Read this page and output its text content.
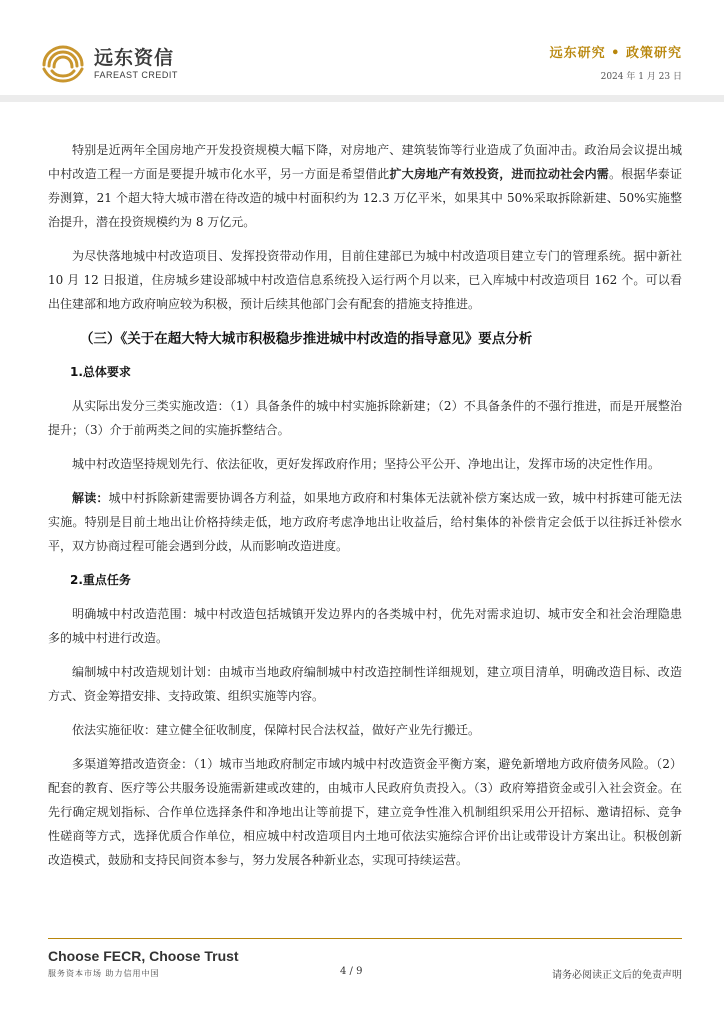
远东资信
FAREAST CREDIT
远东研究 • 政策研究
2024 年 1 月 23 日

特别是近两年全国房地产开发投资规模大幅下降，对房地产、建筑装饰等行业造成了负面冲击。政治局会议提出城中村改造工程一方面是要提升城市化水平，另一方面是希望借此扩大房地产有效投资，进而拉动社会内需。根据华泰证券测算，21 个超大特大城市潜在待改造的城中村面积约为 12.3 万亿平米，如果其中 50%采取拆除新建、50%实施整治提升，潜在投资规模约为 8 万亿元。

为尽快落地城中村改造项目、发挥投资带动作用，目前住建部已为城中村改造项目建立专门的管理系统。据中新社 10 月 12 日报道，住房城乡建设部城中村改造信息系统投入运行两个月以来，已入库城中村改造项目 162 个。可以看出住建部和地方政府响应较为积极，预计后续其他部门会有配套的措施支持推进。

（三）《关于在超大特大城市积极稳步推进城中村改造的指导意见》要点分析
1.总体要求

从实际出发分三类实施改造：（1）具备条件的城中村实施拆除新建；（2）不具备条件的不强行推进，而是开展整治提升；（3）介于前两类之间的实施拆整结合。

城中村改造坚持规划先行、依法征收，更好发挥政府作用；坚持公平公开、净地出让，发挥市场的决定性作用。

解读：城中村拆除新建需要协调各方利益，如果地方政府和村集体无法就补偿方案达成一致，城中村拆建可能无法实施。特别是目前土地出让价格持续走低，地方政府考虑净地出让收益后，给村集体的补偿肯定会低于以往拆迁补偿水平，双方协商过程可能会遇到分歧，从而影响改造进度。

2.重点任务

明确城中村改造范围：城中村改造包括城镇开发边界内的各类城中村，优先对需求迫切、城市安全和社会治理隐患多的城中村进行改造。

编制城中村改造规划计划：由城市当地政府编制城中村改造控制性详细规划，建立项目清单，明确改造目标、改造方式、资金筹措安排、支持政策、组织实施等内容。

依法实施征收：建立健全征收制度，保障村民合法权益，做好产业先行搬迁。

多渠道筹措改造资金：（1）城市当地政府制定市域内城中村改造资金平衡方案，避免新增地方政府债务风险。（2）配套的教育、医疗等公共服务设施需新建或改建的，由城市人民政府负责投入。（3）政府筹措资金或引入社会资金。在先行确定规划指标、合作单位选择条件和净地出让等前提下，建立竞争性准入机制组织采用公开招标、邀请招标、竞争性磋商等方式，选择优质合作单位，相应城中村改造项目内土地可依法实施综合评价出让或带设计方案出让。积极创新改造模式，鼓励和支持民间资本参与，努力发展各种新业态，实现可持续运营。

Choose FECR, Choose Trust
服务资本市场 助力信用中国	4 / 9	请务必阅读正文后的免责声明
